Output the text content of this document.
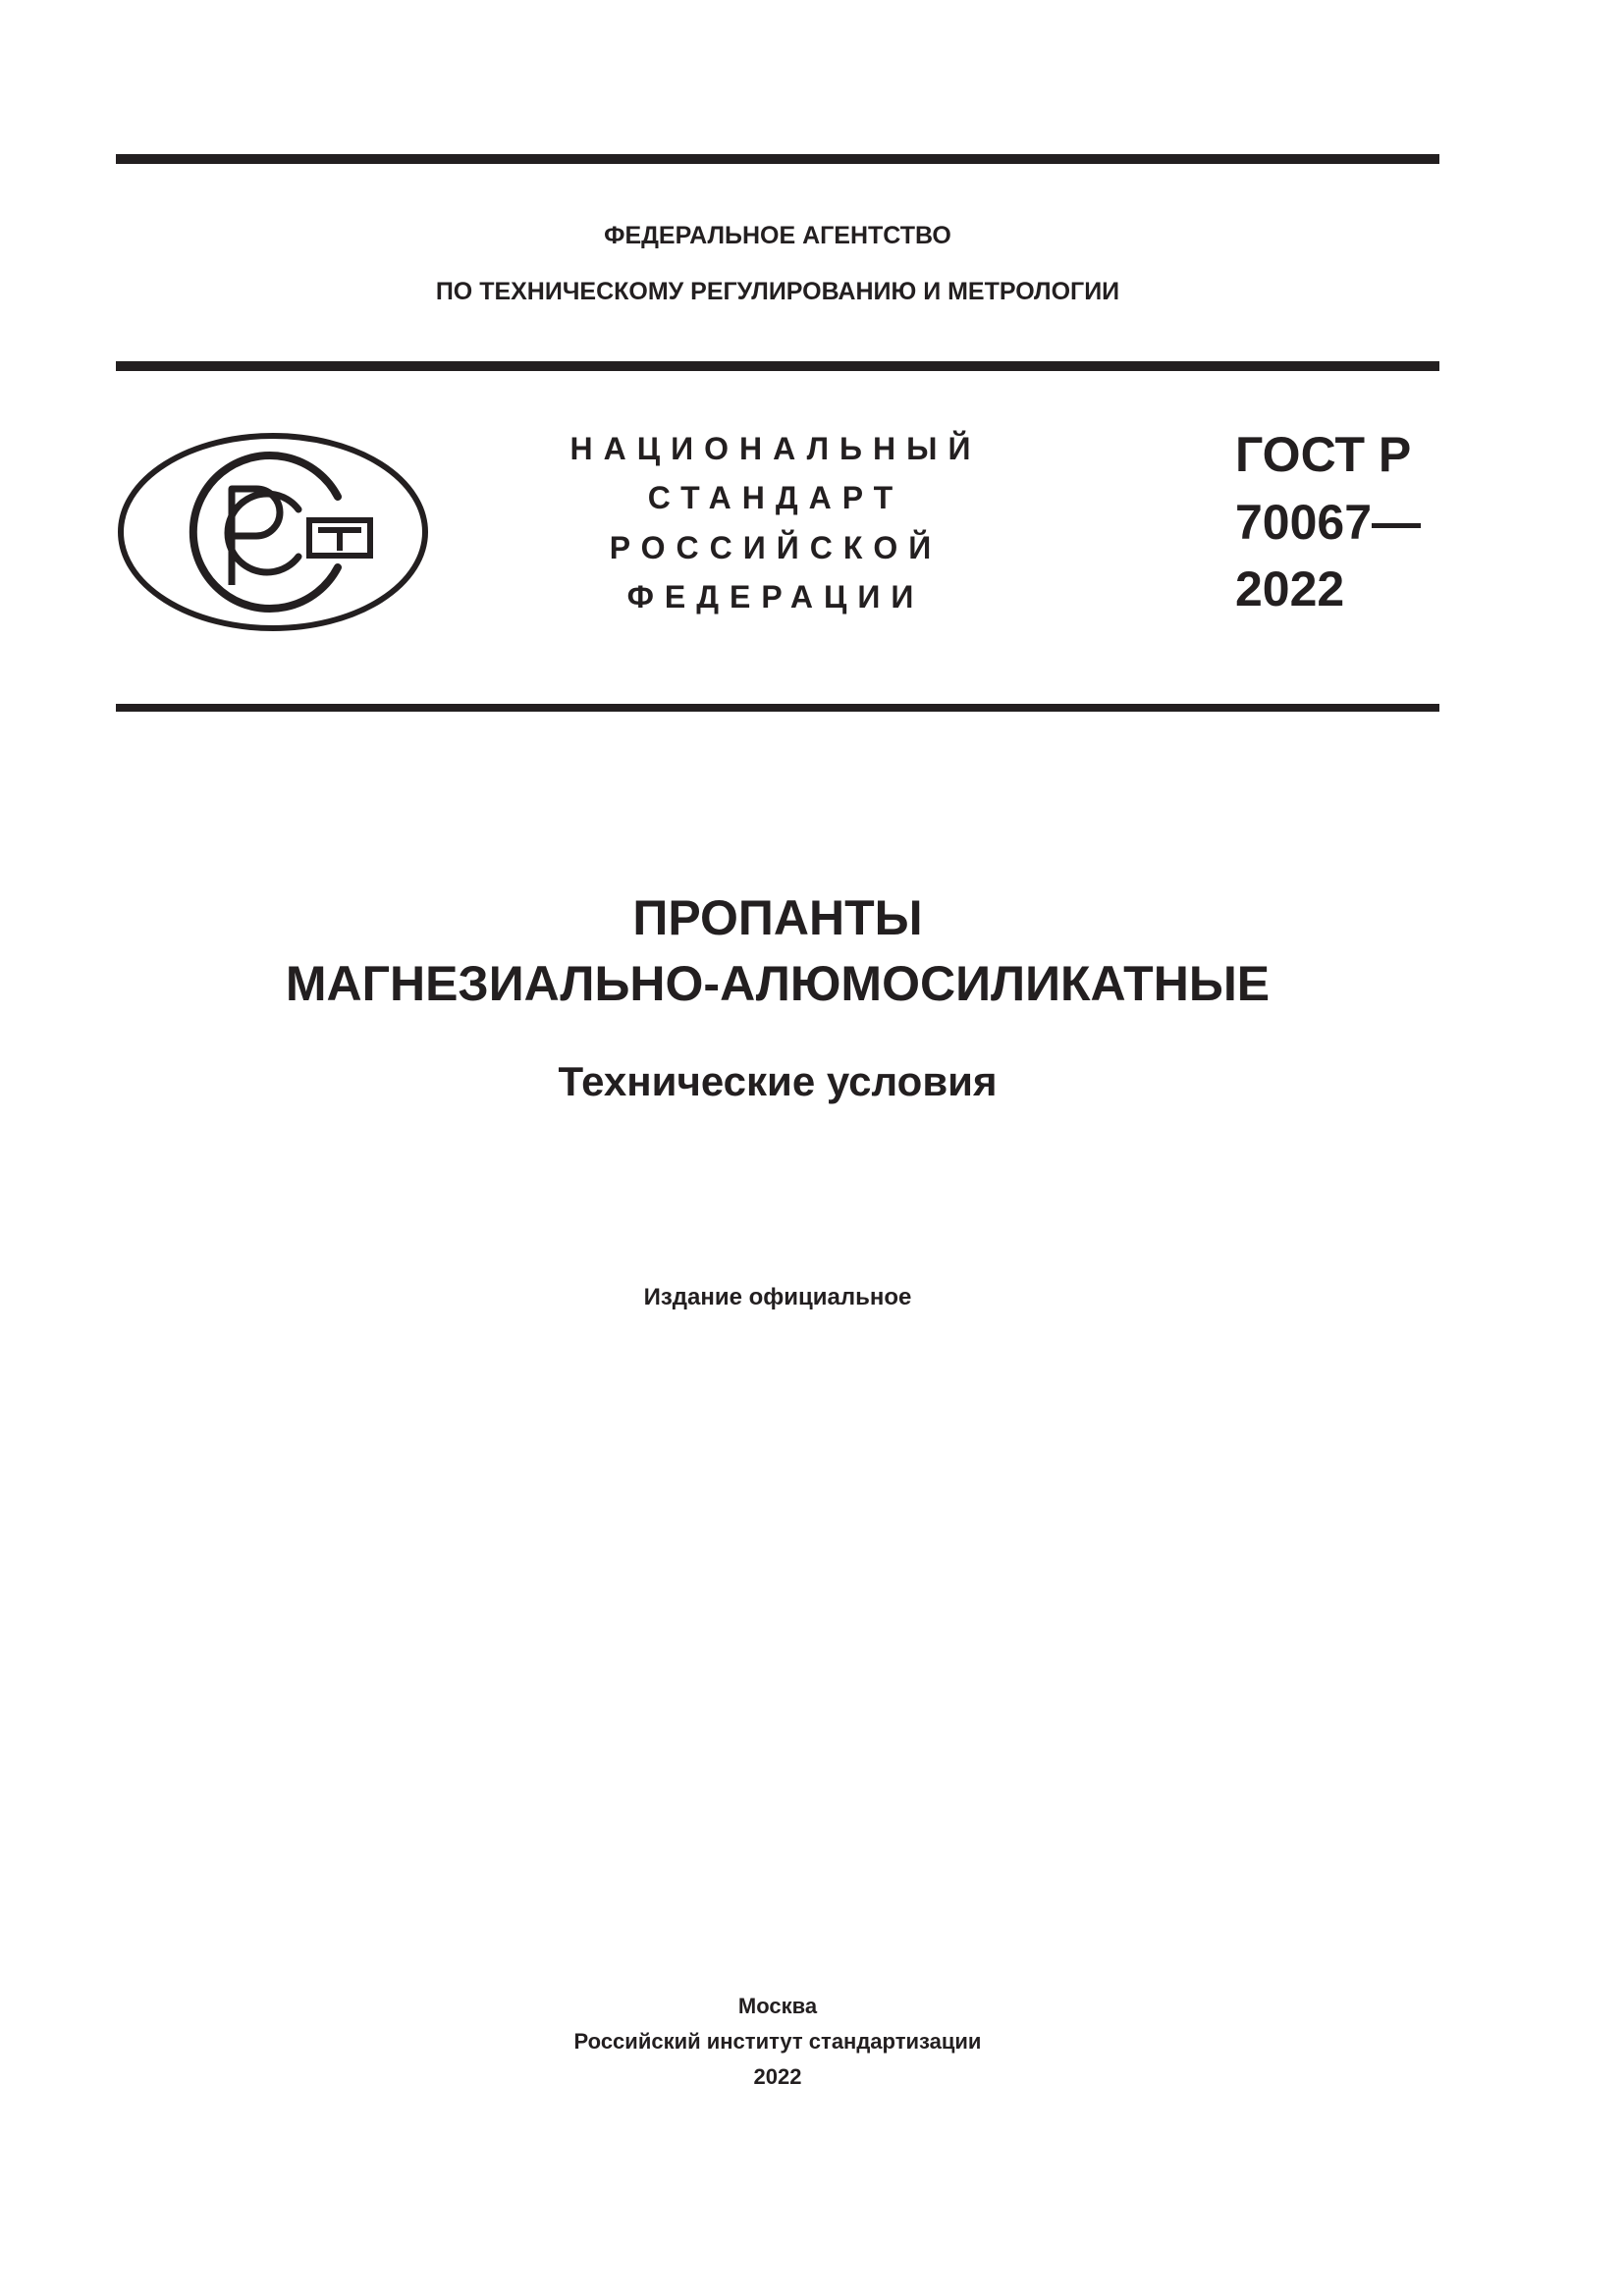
ФЕДЕРАЛЬНОЕ АГЕНТСТВО
ПО ТЕХНИЧЕСКОМУ РЕГУЛИРОВАНИЮ И МЕТРОЛОГИИ
НАЦИОНАЛЬНЫЙ
СТАНДАРТ
РОССИЙСКОЙ
ФЕДЕРАЦИИ
ГОСТ Р
70067—
2022
ПРОПАНТЫ
МАГНЕЗИАЛЬНО-АЛЮМОСИЛИКАТНЫЕ
Технические условия
Издание официальное
Москва
Российский институт стандартизации
2022
